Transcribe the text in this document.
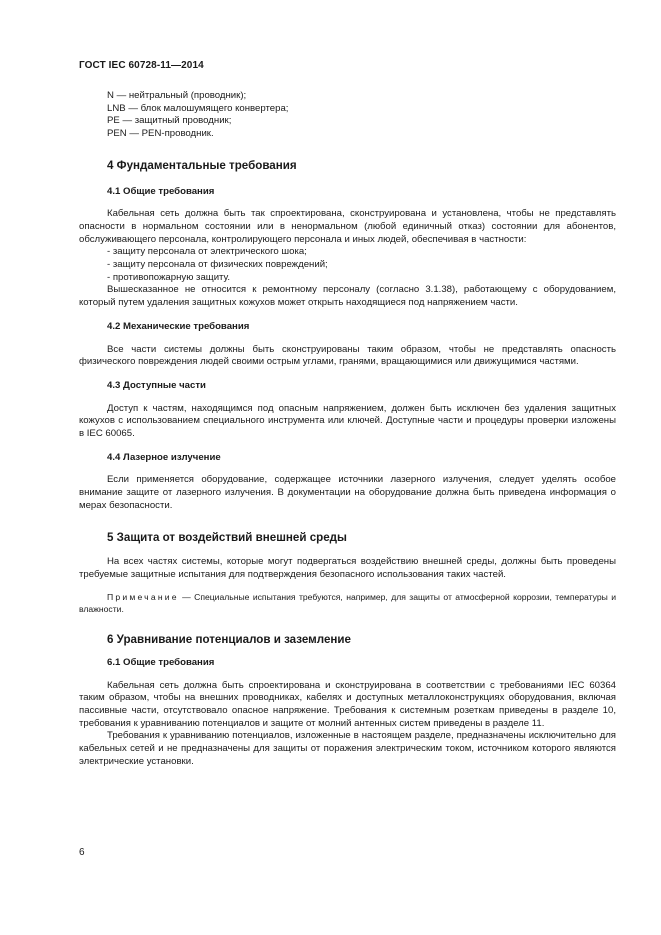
ГОСТ IEC 60728-11—2014

N — нейтральный (проводник);

LNB — блок малошумящего конвертера;

PE — защитный проводник;

PEN — PEN-проводник.

4 Фундаментальные требования
4.1 Общие требования

Кабельная сеть должна быть так спроектирована, сконструирована и установлена, чтобы не представлять опасности в нормальном состоянии или в ненормальном (любой единичный отказ) состоянии для абонентов, обслуживающего персонала, контролирующего персонала и иных людей, обеспечивая в частности:

- защиту персонала от электрического шока;

- защиту персонала от физических повреждений;

- противопожарную защиту.

Вышесказанное не относится к ремонтному персоналу (согласно 3.1.38), работающему с оборудованием, который путем удаления защитных кожухов может открыть находящиеся под напряжением части.

4.2 Механические требования

Все части системы должны быть сконструированы таким образом, чтобы не представлять опасность физического повреждения людей своими острым углами, гранями, вращающимися или движущимися частями.

4.3 Доступные части

Доступ к частям, находящимся под опасным напряжением, должен быть исключен без удаления защитных кожухов с использованием специального инструмента или ключей. Доступные части и процедуры проверки изложены в IEC 60065.

4.4 Лазерное излучение

Если применяется оборудование, содержащее источники лазерного излучения, следует уделять особое внимание защите от лазерного излучения. В документации на оборудование должна быть приведена информация о мерах безопасности.

5 Защита от воздействий внешней среды

На всех частях системы, которые могут подвергаться воздействию внешней среды, должны быть проведены требуемые защитные испытания для подтверждения безопасного использования таких частей.

Примечание — Специальные испытания требуются, например, для защиты от атмосферной коррозии, температуры и влажности.

6 Уравнивание потенциалов и заземление
6.1 Общие требования

Кабельная сеть должна быть спроектирована и сконструирована в соответствии с требованиями IEC 60364 таким образом, чтобы на внешних проводниках, кабелях и доступных металлоконструкциях оборудования, включая пассивные части, отсутствовало опасное напряжение. Требования к системным розеткам приведены в разделе 10, требования к уравниванию потенциалов и защите от молний антенных систем приведены в разделе 11.

Требования к уравниванию потенциалов, изложенные в настоящем разделе, предназначены исключительно для кабельных сетей и не предназначены для защиты от поражения электрическим током, источником которого являются электрические установки.

6
